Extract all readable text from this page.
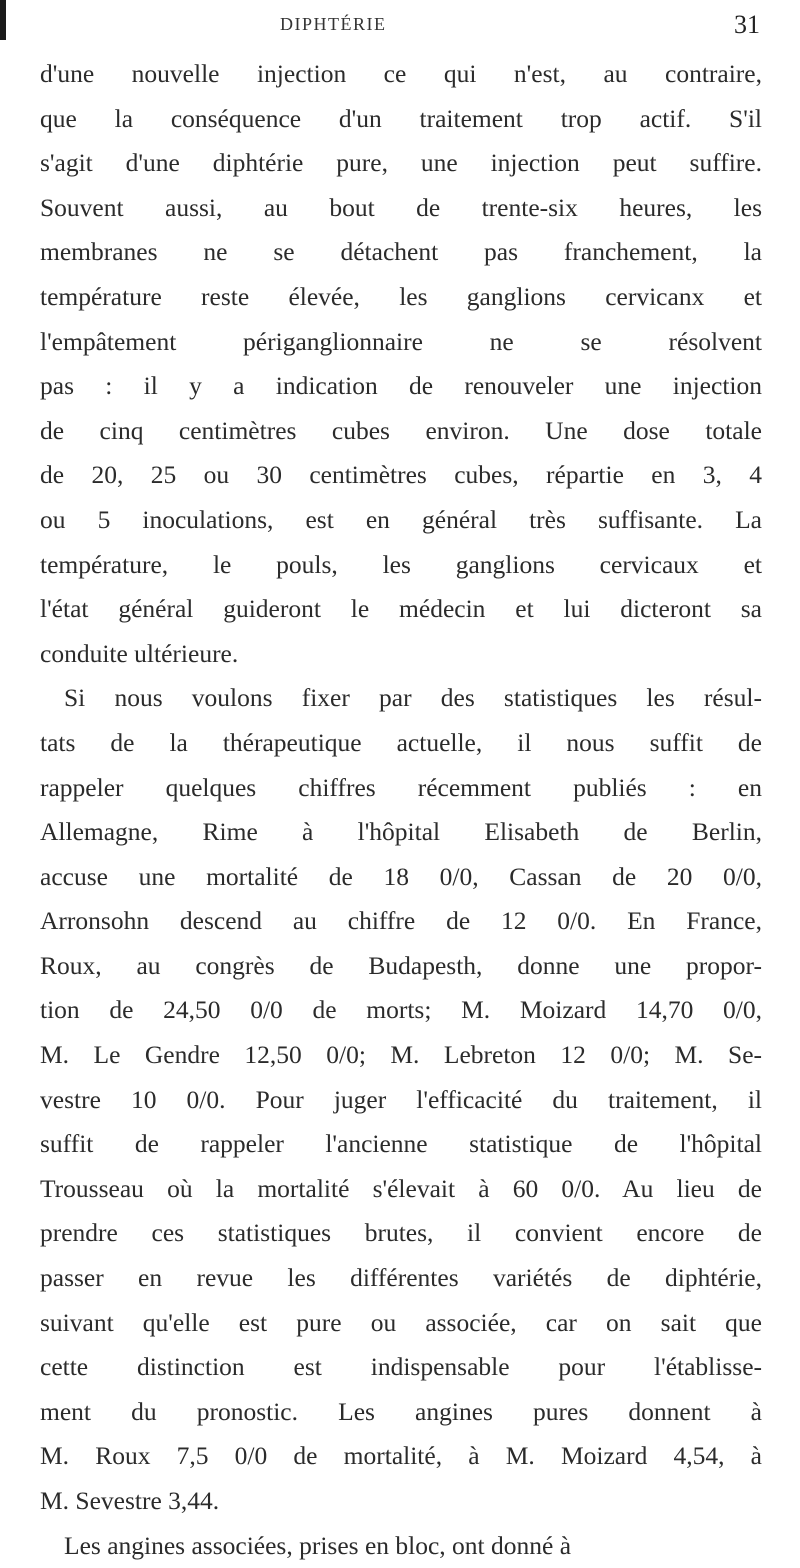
DIPHTÉRIE	31
d'une nouvelle injection ce qui n'est, au contraire,
que la conséquence d'un traitement trop actif. S'il
s'agit d'une diphtérie pure, une injection peut suffire.
Souvent aussi, au bout de trente-six heures, les
membranes ne se détachent pas franchement, la
température reste élevée, les ganglions cervicanx et
l'empâtement périganglionnaire ne se résolvent
pas : il y a indication de renouveler une injection
de cinq centimètres cubes environ. Une dose totale
de 20, 25 ou 30 centimètres cubes, répartie en 3, 4
ou 5 inoculations, est en général très suffisante. La
température, le pouls, les ganglions cervicaux et
l'état général guideront le médecin et lui dicteront sa
conduite ultérieure.
Si nous voulons fixer par des statistiques les résul-
tats de la thérapeutique actuelle, il nous suffit de
rappeler quelques chiffres récemment publiés : en
Allemagne, Rime à l'hôpital Elisabeth de Berlin,
accuse une mortalité de 18 0/0, Cassan de 20 0/0,
Arronsohn descend au chiffre de 12 0/0. En France,
Roux, au congrès de Budapesth, donne une propor-
tion de 24,50 0/0 de morts; M. Moizard 14,70 0/0,
M. Le Gendre 12,50 0/0; M. Lebreton 12 0/0; M. Se-
vestre 10 0/0. Pour juger l'efficacité du traitement, il
suffit de rappeler l'ancienne statistique de l'hôpital
Trousseau où la mortalité s'élevait à 60 0/0. Au lieu de
prendre ces statistiques brutes, il convient encore de
passer en revue les différentes variétés de diphtérie,
suivant qu'elle est pure ou associée, car on sait que
cette distinction est indispensable pour l'établisse-
ment du pronostic. Les angines pures donnent à
M. Roux 7,5 0/0 de mortalité, à M. Moizard 4,54, à
M. Sevestre 3,44.
Les angines associées, prises en bloc, ont donné à
